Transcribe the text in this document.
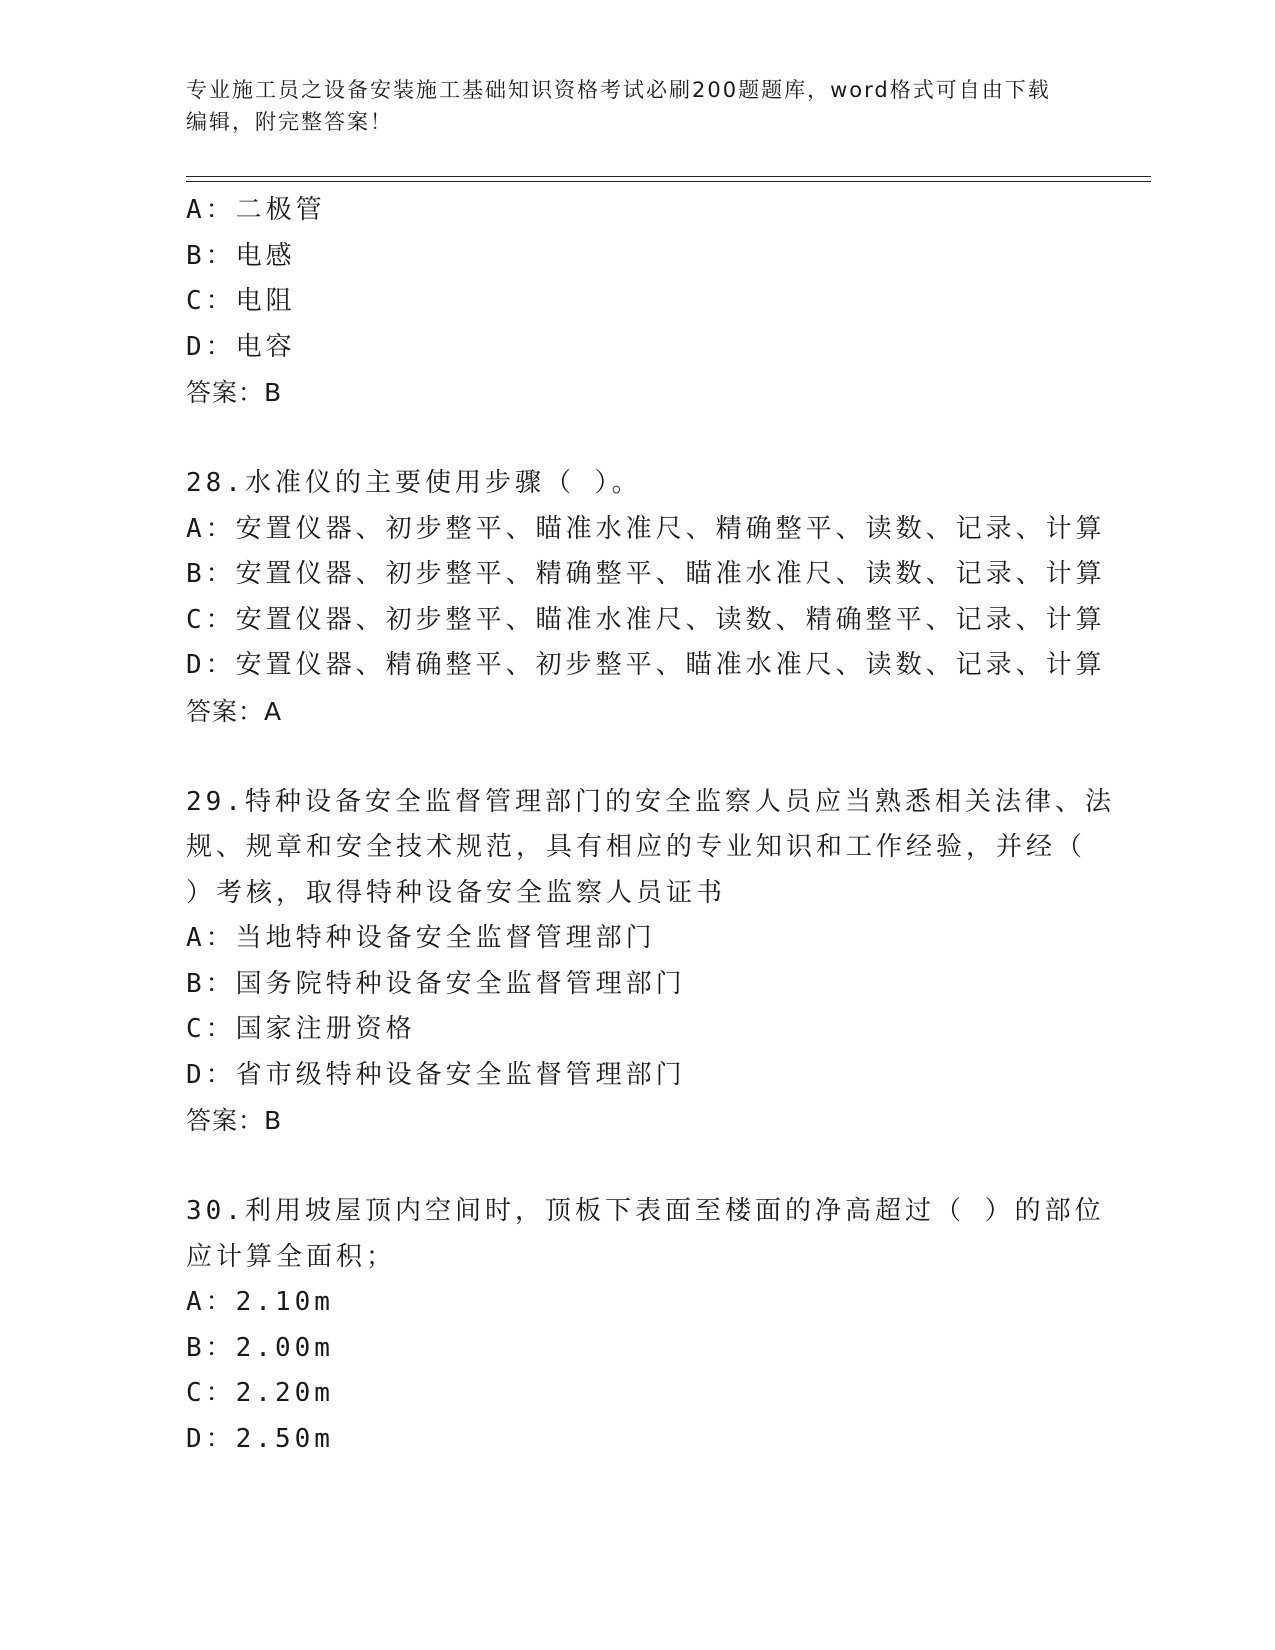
专业施工员之设备安装施工基础知识资格考试必刷200题题库，word格式可自由下载编辑，附完整答案！

A：二极管

B：电感

C：电阻

D：电容

答案：B

28.水准仪的主要使用步骤（ ）。

A：安置仪器、初步整平、瞄准水准尺、精确整平、读数、记录、计算

B：安置仪器、初步整平、精确整平、瞄准水准尺、读数、记录、计算

C：安置仪器、初步整平、瞄准水准尺、读数、精确整平、记录、计算

D：安置仪器、精确整平、初步整平、瞄准水准尺、读数、记录、计算

答案：A

29.特种设备安全监督管理部门的安全监察人员应当熟悉相关法律、法

规、规章和安全技术规范，具有相应的专业知识和工作经验，并经（

）考核，取得特种设备安全监察人员证书

A：当地特种设备安全监督管理部门

B：国务院特种设备安全监督管理部门

C：国家注册资格

D：省市级特种设备安全监督管理部门

答案：B

30.利用坡屋顶内空间时，顶板下表面至楼面的净高超过（ ）的部位

应计算全面积；

A：2.10m

B：2.00m

C：2.20m

D：2.50m
